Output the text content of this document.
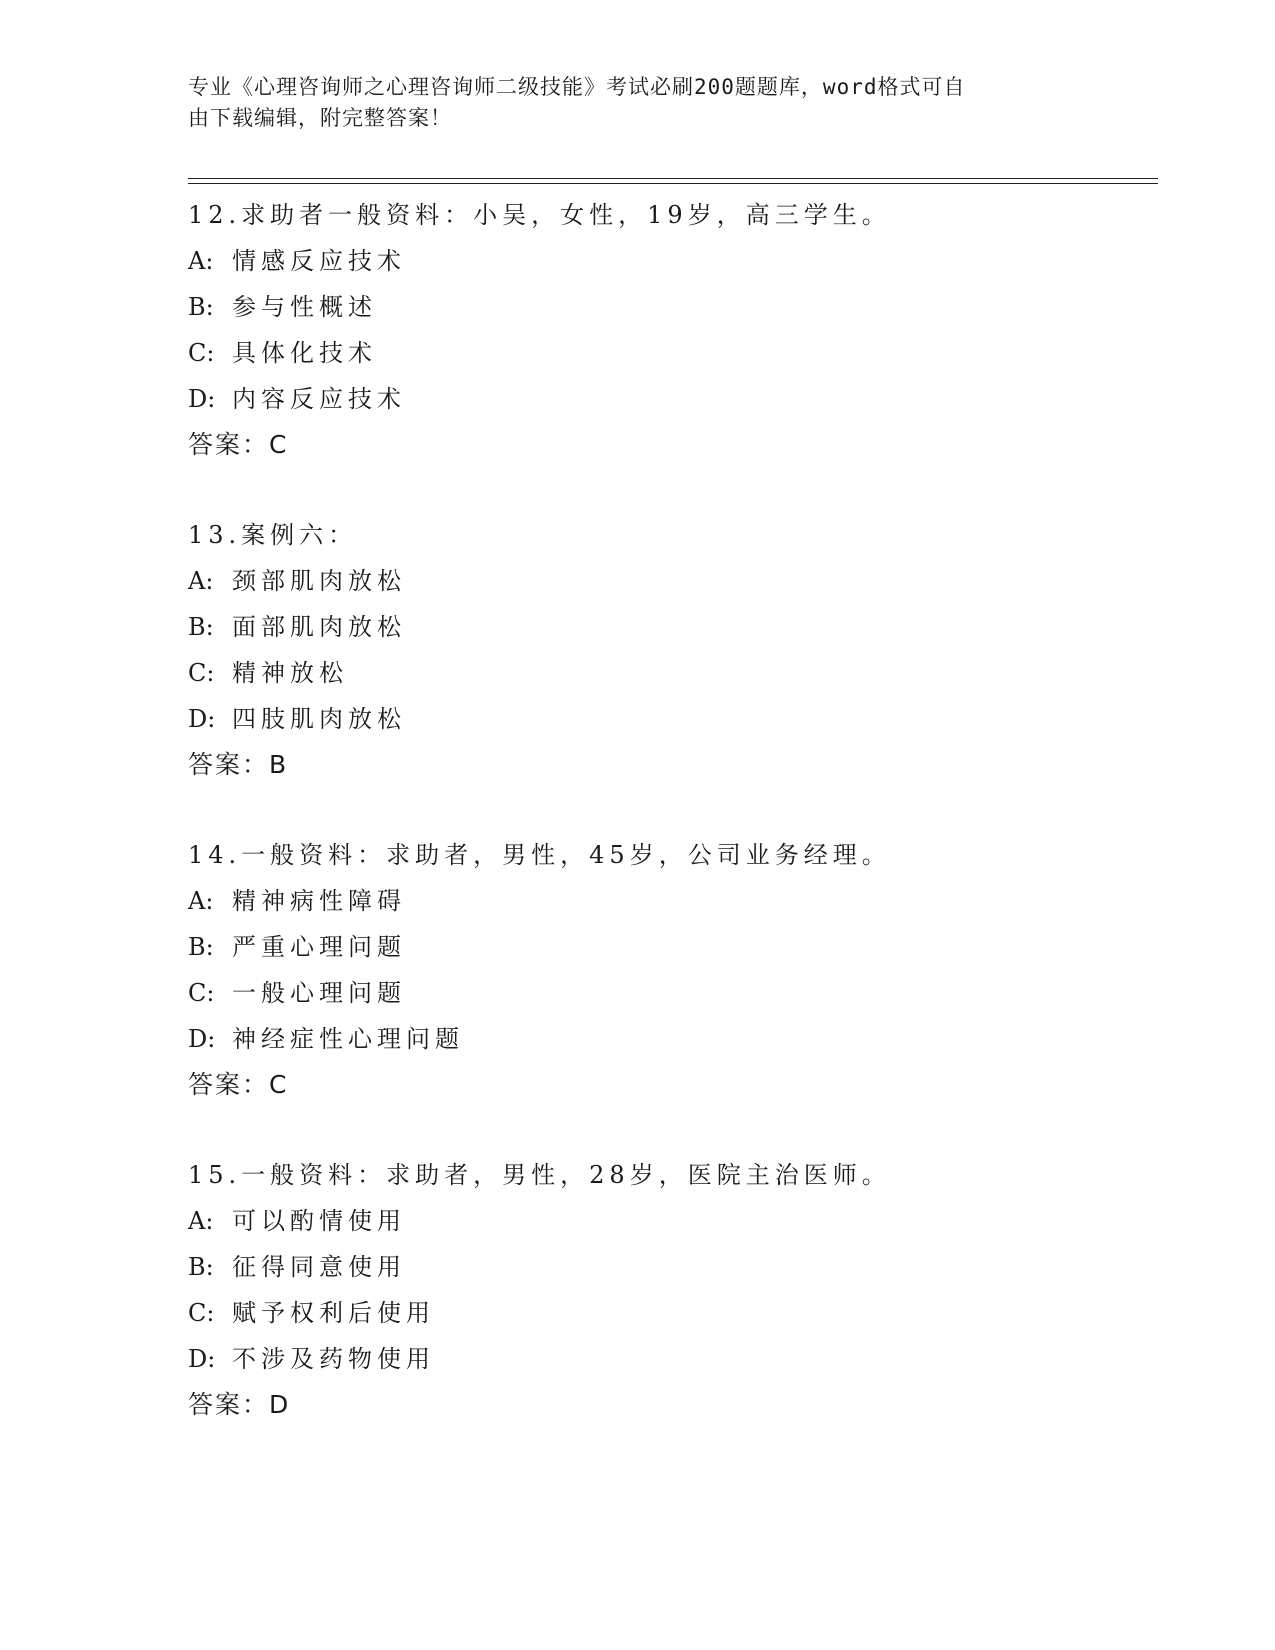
专业《心理咨询师之心理咨询师二级技能》考试必刷200题题库，word格式可自
由下载编辑，附完整答案！
12.求助者一般资料：小吴，女性，19岁，高三学生。
A: 情感反应技术
B: 参与性概述
C: 具体化技术
D: 内容反应技术
答案：C
13.案例六：
A: 颈部肌肉放松
B: 面部肌肉放松
C: 精神放松
D: 四肢肌肉放松
答案：B
14.一般资料：求助者，男性，45岁，公司业务经理。
A: 精神病性障碍
B: 严重心理问题
C: 一般心理问题
D: 神经症性心理问题
答案：C
15.一般资料：求助者，男性，28岁，医院主治医师。
A: 可以酌情使用
B: 征得同意使用
C: 赋予权利后使用
D: 不涉及药物使用
答案：D
